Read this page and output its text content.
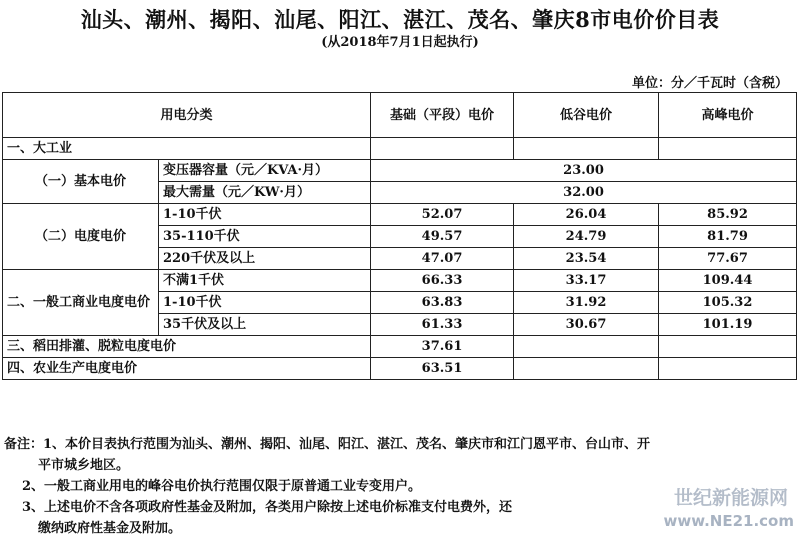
汕头、潮州、揭阳、汕尾、阳江、湛江、茂名、肇庆8市电价价目表
(从2018年7月1日起执行)
单位：分／千瓦时（含税）
用电分类		基础（平段）电价	低谷电价	高峰电价
一、大工业				
（一）基本电价	变压器容量（元／KVA·月）	23.00		
	最大需量（元／KW·月）	32.00		
（二）电度电价	1-10千伏	52.07	26.04	85.92
	35-110千伏	49.57	24.79	81.79
	220千伏及以上	47.07	23.54	77.67
二、一般工商业电度电价	不满1千伏	66.33	33.17	109.44
	1-10千伏	63.83	31.92	105.32
	35千伏及以上	61.33	30.67	101.19
三、稻田排灌、脱粒电度电价		37.61		
四、农业生产电度电价		63.51		
备注：1、本价目表执行范围为汕头、潮州、揭阳、汕尾、阳江、湛江、茂名、肇庆市和江门恩平市、台山市、开
平市城乡地区。
2、一般工商业用电的峰谷电价执行范围仅限于原普通工业专变用户。
3、上述电价不含各项政府性基金及附加，各类用户除按上述电价标准支付电费外，还
缴纳政府性基金及附加。
世纪新能源网
www.NE21.com
